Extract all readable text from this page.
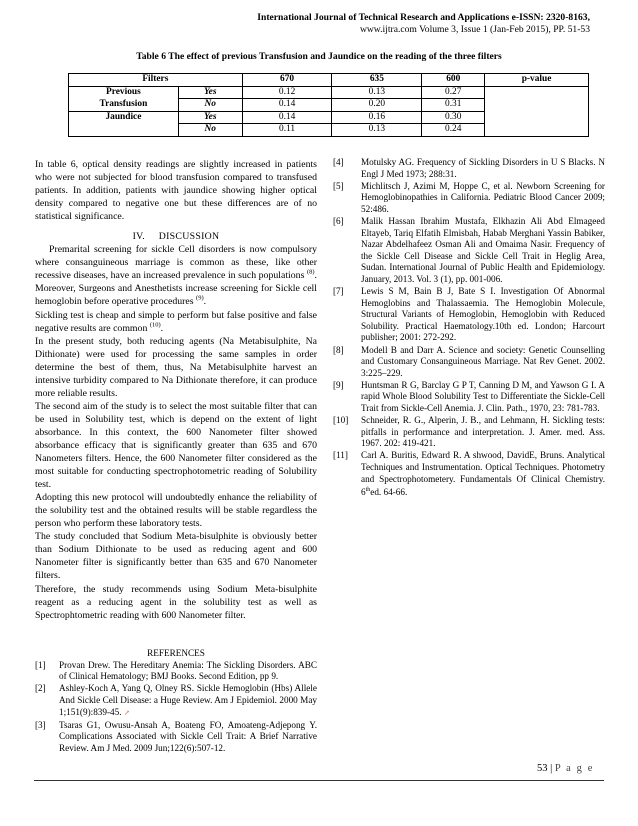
International Journal of Technical Research and Applications e-ISSN: 2320-8163,
www.ijtra.com Volume 3, Issue 1 (Jan-Feb 2015), PP. 51-53
Table 6 The effect of previous Transfusion and Jaundice on the reading of the three filters
Filters		670	635	600	p-value
Previous	Yes	0.12	0.13	0.27	
Transfusion	No	0.14	0.20	0.31	
Jaundice	Yes	0.14	0.16	0.30	
	No	0.11	0.13	0.24	

In table 6, optical density readings are slightly increased in patients who were not subjected for blood transfusion compared to transfused patients. In addition, patients with jaundice showing higher optical density compared to negative one but these differences are of no statistical significance.

IV.     DISCUSSION

Premarital screening for sickle Cell disorders is now compulsory where consanguineous marriage is common as these, like other recessive diseases, have an increased prevalence in such populations $^{(8)}$. Moreover, Surgeons and Anesthetists increase screening for Sickle cell hemoglobin before operative procedures $^{(9)}$.

Sickling test is cheap and simple to perform but false positive and false negative results are common $^{(10)}$.

In the present study, both reducing agents (Na Metabisulphite, Na Dithionate) were used for processing the same samples in order determine the best of them, thus, Na Metabisulphite harvest an intensive turbidity compared to Na Dithionate therefore, it can produce more reliable results.

The second aim of the study is to select the most suitable filter that can be used in Solubility test, which is depend on the extent of light absorbance. In this context, the 600 Nanometer filter showed absorbance efficacy that is significantly greater than 635 and 670 Nanometers filters. Hence, the 600 Nanometer filter considered as the most suitable for conducting spectrophotometric reading of Solubility test.

Adopting this new protocol will undoubtedly enhance the reliability of the solubility test and the obtained results will be stable regardless the person who perform these laboratory tests.

The study concluded that Sodium Meta-bisulphite is obviously better than Sodium Dithionate to be used as reducing agent and 600 Nanometer filter is significantly better than 635 and 670 Nanometer filters.

Therefore, the study recommends using Sodium Meta-bisulphite reagent as a reducing agent in the solubility test as well as Spectrophtometric reading with 600 Nanometer filter.

REFERENCES
[1]	Provan Drew. The Hereditary Anemia: The Sickling Disorders. ABC of Clinical Hematology; BMJ Books. Second Edition, pp 9.
[2]	Ashley-Koch A, Yang Q, Olney RS. Sickle Hemoglobin (Hbs) Allele And Sickle Cell Disease: a Huge Review. Am J Epidemiol. 2000 May 1;151(9):839-45. ↗
[3]	Tsaras G1, Owusu-Ansah A, Boateng FO, Amoateng-Adjepong Y. Complications Associated with Sickle Cell Trait: A Brief Narrative Review. Am J Med. 2009 Jun;122(6):507-12.
[4]	Motulsky AG. Frequency of Sickling Disorders in U S Blacks. N Engl J Med 1973; 288:31.
[5]	Michlitsch J, Azimi M, Hoppe C, et al. Newborn Screening for Hemoglobinopathies in California. Pediatric Blood Cancer 2009; 52:486.
[6]	Malik Hassan Ibrahim Mustafa, Elkhazin Ali Abd Elmageed Eltayeb, Tariq Elfatih Elmisbah, Habab Merghani Yassin Babiker, Nazar Abdelhafeez Osman Ali and Omaima Nasir. Frequency of the Sickle Cell Disease and Sickle Cell Trait in Heglig Area, Sudan. International Journal of Public Health and Epidemiology. January, 2013. Vol. 3 (1), pp. 001-006.
[7]	Lewis S M, Bain B J, Bate S I. Investigation Of Abnormal Hemoglobins and Thalassaemia. The Hemoglobin Molecule, Structural Variants of Hemoglobin, Hemoglobin with Reduced Solubility. Practical Haematology.10th ed. London; Harcourt publisher; 2001: 272-292.
[8]	Modell B and Darr A. Science and society: Genetic Counselling and Customary Consanguineous Marriage. Nat Rev Genet. 2002. 3:225–229.
[9]	Huntsman R G, Barclay G P T, Canning D M, and Yawson G I. A rapid Whole Blood Solubility Test to Differentiate the Sickle-Cell Trait from Sickle-Cell Anemia. J. Clin. Path., 1970, 23: 781-783.
[10]	Schneider, R. G., Alperin, J. B., and Lehmann, H. Sickling tests: pitfalls in performance and interpretation. J. Amer. med. Ass. 1967. 202: 419-421.
[11]	Carl A. Buritis, Edward R. A shwood, DavidE, Bruns. Analytical Techniques and Instrumentation. Optical Techniques. Photometry and Spectrophotometery. Fundamentals Of Clinical Chemistry. 6thed. 64-66.
53 | P a g e
